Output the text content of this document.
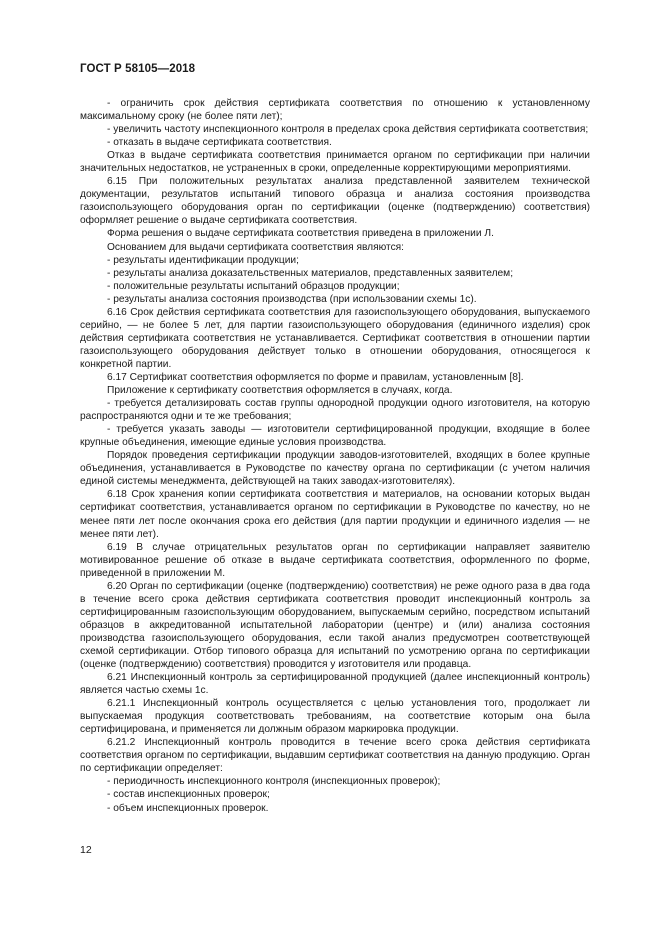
ГОСТ Р 58105—2018

- ограничить срок действия сертификата соответствия по отношению к установленному максимальному сроку (не более пяти лет);

- увеличить частоту инспекционного контроля в пределах срока действия сертификата соответствия;

- отказать в выдаче сертификата соответствия.

Отказ в выдаче сертификата соответствия принимается органом по сертификации при наличии значительных недостатков, не устраненных в сроки, определенные корректирующими мероприятиями.

6.15 При положительных результатах анализа представленной заявителем технической документации, результатов испытаний типового образца и анализа состояния производства газоиспользующего оборудования орган по сертификации (оценке (подтверждению) соответствия) оформляет решение о выдаче сертификата соответствия.

Форма решения о выдаче сертификата соответствия приведена в приложении Л.

Основанием для выдачи сертификата соответствия являются:

- результаты идентификации продукции;

- результаты анализа доказательственных материалов, представленных заявителем;

- положительные результаты испытаний образцов продукции;

- результаты анализа состояния производства (при использовании схемы 1с).

6.16 Срок действия сертификата соответствия для газоиспользующего оборудования, выпускаемого серийно, — не более 5 лет, для партии газоиспользующего оборудования (единичного изделия) срок действия сертификата соответствия не устанавливается. Сертификат соответствия в отношении партии газоиспользующего оборудования действует только в отношении оборудования, относящегося к конкретной партии.

6.17 Сертификат соответствия оформляется по форме и правилам, установленным [8].

Приложение к сертификату соответствия оформляется в случаях, когда.

- требуется детализировать состав группы однородной продукции одного изготовителя, на которую распространяются одни и те же требования;

- требуется указать заводы — изготовители сертифицированной продукции, входящие в более крупные объединения, имеющие единые условия производства.

Порядок проведения сертификации продукции заводов-изготовителей, входящих в более крупные объединения, устанавливается в Руководстве по качеству органа по сертификации (с учетом наличия единой системы менеджмента, действующей на таких заводах-изготовителях).

6.18 Срок хранения копии сертификата соответствия и материалов, на основании которых выдан сертификат соответствия, устанавливается органом по сертификации в Руководстве по качеству, но не менее пяти лет после окончания срока его действия (для партии продукции и единичного изделия — не менее пяти лет).

6.19 В случае отрицательных результатов орган по сертификации направляет заявителю мотивированное решение об отказе в выдаче сертификата соответствия, оформленного по форме, приведенной в приложении М.

6.20 Орган по сертификации (оценке (подтверждению) соответствия) не реже одного раза в два года в течение всего срока действия сертификата соответствия проводит инспекционный контроль за сертифицированным газоиспользующим оборудованием, выпускаемым серийно, посредством испытаний образцов в аккредитованной испытательной лаборатории (центре) и (или) анализа состояния производства газоиспользующего оборудования, если такой анализ предусмотрен соответствующей схемой сертификации. Отбор типового образца для испытаний по усмотрению органа по сертификации (оценке (подтверждению) соответствия) проводится у изготовителя или продавца.

6.21 Инспекционный контроль за сертифицированной продукцией (далее инспекционный контроль) является частью схемы 1с.

6.21.1 Инспекционный контроль осуществляется с целью установления того, продолжает ли выпускаемая продукция соответствовать требованиям, на соответствие которым она была сертифицирована, и применяется ли должным образом маркировка продукции.

6.21.2 Инспекционный контроль проводится в течение всего срока действия сертификата соответствия органом по сертификации, выдавшим сертификат соответствия на данную продукцию. Орган по сертификации определяет:

- периодичность инспекционного контроля (инспекционных проверок);

- состав инспекционных проверок;

- объем инспекционных проверок.

12
